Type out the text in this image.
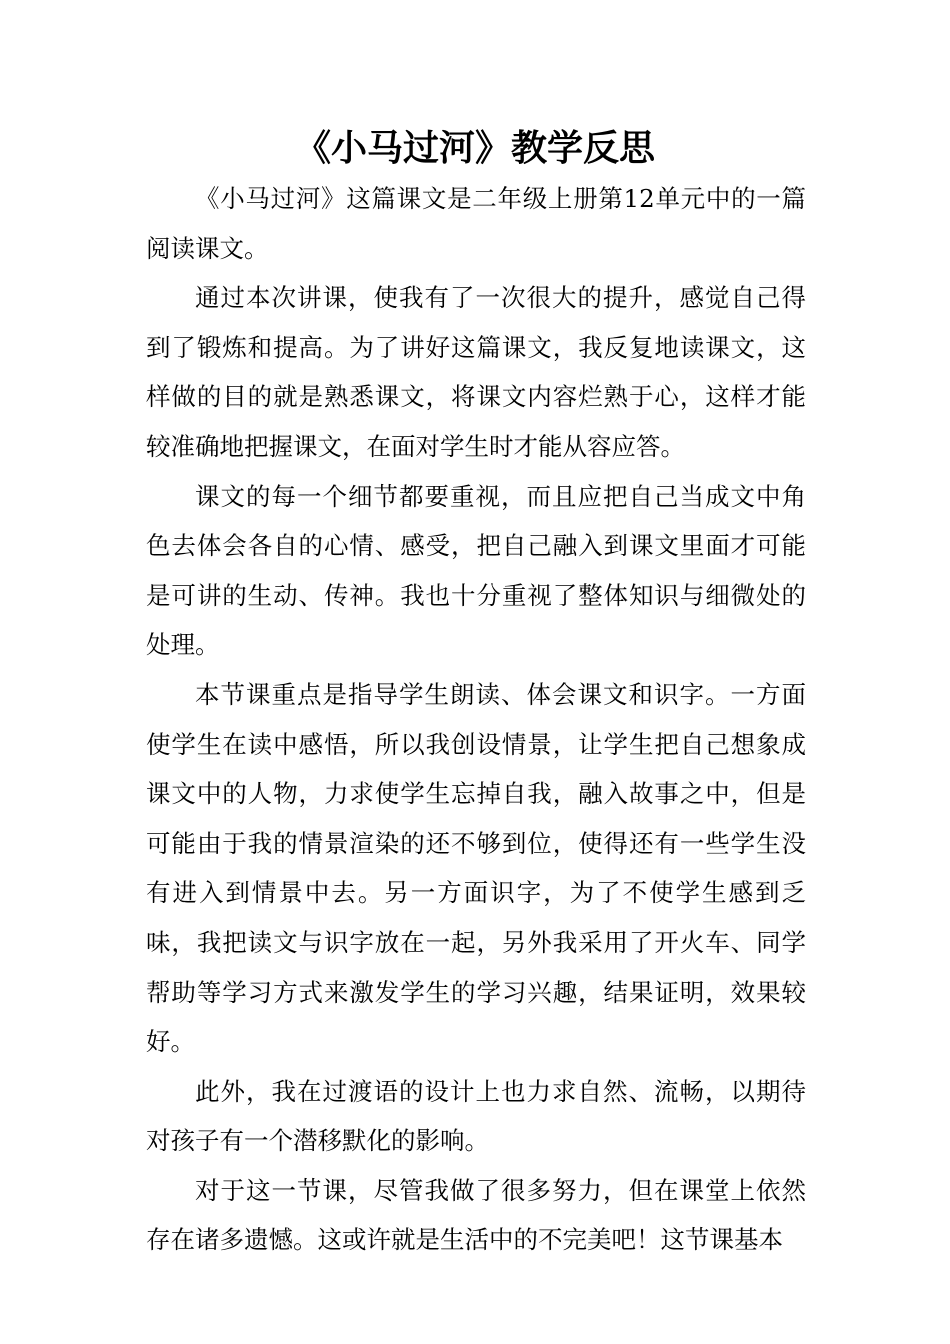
《小马过河》教学反思

《小马过河》这篇课文是二年级上册第12单元中的一篇阅读课文。

通过本次讲课，使我有了一次很大的提升，感觉自己得到了锻炼和提高。为了讲好这篇课文，我反复地读课文，这样做的目的就是熟悉课文，将课文内容烂熟于心，这样才能较准确地把握课文，在面对学生时才能从容应答。

课文的每一个细节都要重视，而且应把自己当成文中角色去体会各自的心情、感受，把自己融入到课文里面才可能是可讲的生动、传神。我也十分重视了整体知识与细微处的处理。

本节课重点是指导学生朗读、体会课文和识字。一方面使学生在读中感悟，所以我创设情景，让学生把自己想象成课文中的人物，力求使学生忘掉自我，融入故事之中，但是可能由于我的情景渲染的还不够到位，使得还有一些学生没有进入到情景中去。另一方面识字，为了不使学生感到乏味，我把读文与识字放在一起，另外我采用了开火车、同学帮助等学习方式来激发学生的学习兴趣，结果证明，效果较好。

此外，我在过渡语的设计上也力求自然、流畅，以期待对孩子有一个潜移默化的影响。

对于这一节课，尽管我做了很多努力，但在课堂上依然存在诸多遗憾。这或许就是生活中的不完美吧！这节课基本
